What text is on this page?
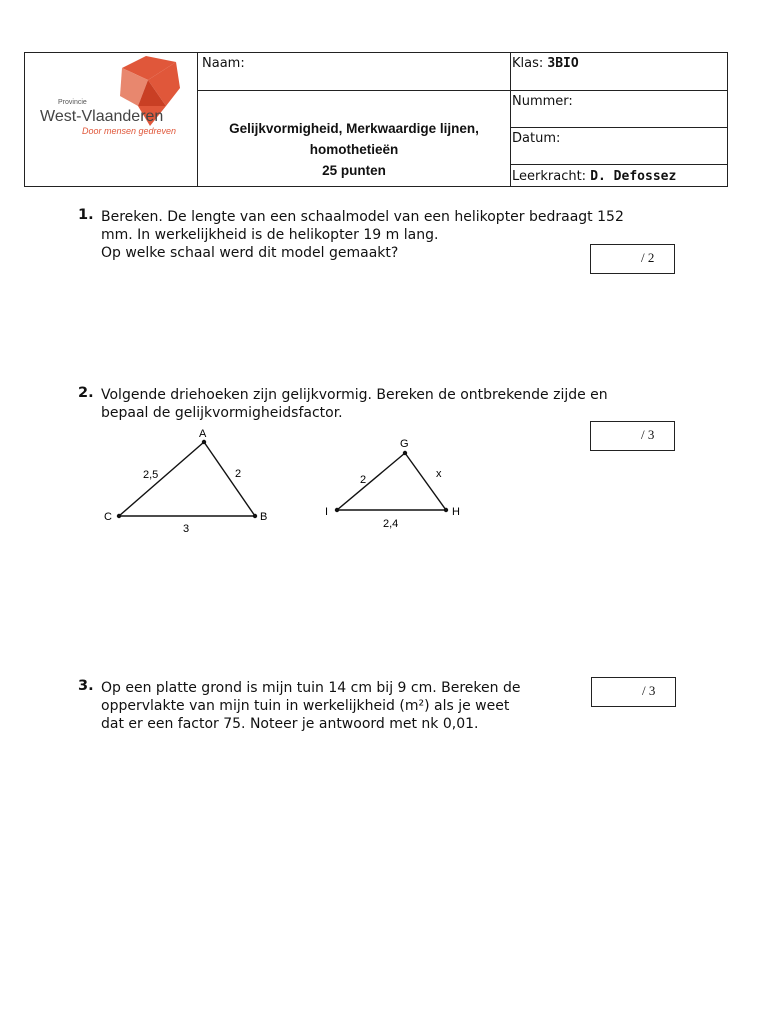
Provincie
West-Vlaanderen
Door mensen gedreven
Naam:	Klas: 3BIO
Nummer:
Datum:
Leerkracht: D. Defossez
Gelijkvormigheid, Merkwaardige lijnen,
homothetieën
25 punten
1. Bereken. De lengte van een schaalmodel van een helikopter bedraagt 152
mm. In werkelijkheid is de helikopter 19 m lang.
Op welke schaal werd dit model gemaakt?	/ 2
2. Volgende driehoeken zijn gelijkvormig. Bereken de ontbrekende zijde en
bepaal de gelijkvormigheidsfactor.
/ 3
A
B
C
2,5	2
3
G
H
I
2	x
2,4
3. Op een platte grond is mijn tuin 14 cm bij 9 cm. Bereken de
oppervlakte van mijn tuin in werkelijkheid (m²) als je weet
dat er een factor 75. Noteer je antwoord met nk 0,01.
/ 3
